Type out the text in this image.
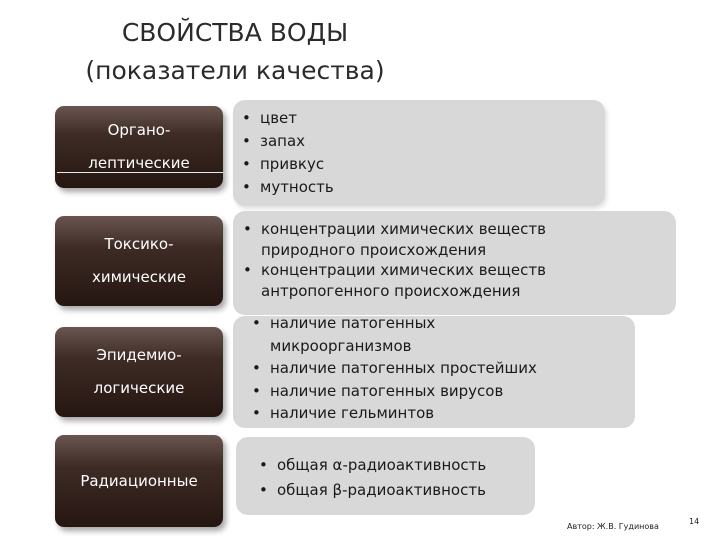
СВОЙСТВА ВОДЫ
(показатели качества)
Органо-
лептические
Токсико-
химические
Эпидемио-
логические
Радиационные
• цвет
• запах
• привкус
• мутность
• концентрации химических веществ
природного происхождения
• концентрации химических веществ
антропогенного происхождения
• наличие патогенных
микроорганизмов
• наличие патогенных простейших
• наличие патогенных вирусов
• наличие гельминтов
• общая α-радиоактивность
• общая β-радиоактивность
Автор: Ж.В. Гудинова
14
